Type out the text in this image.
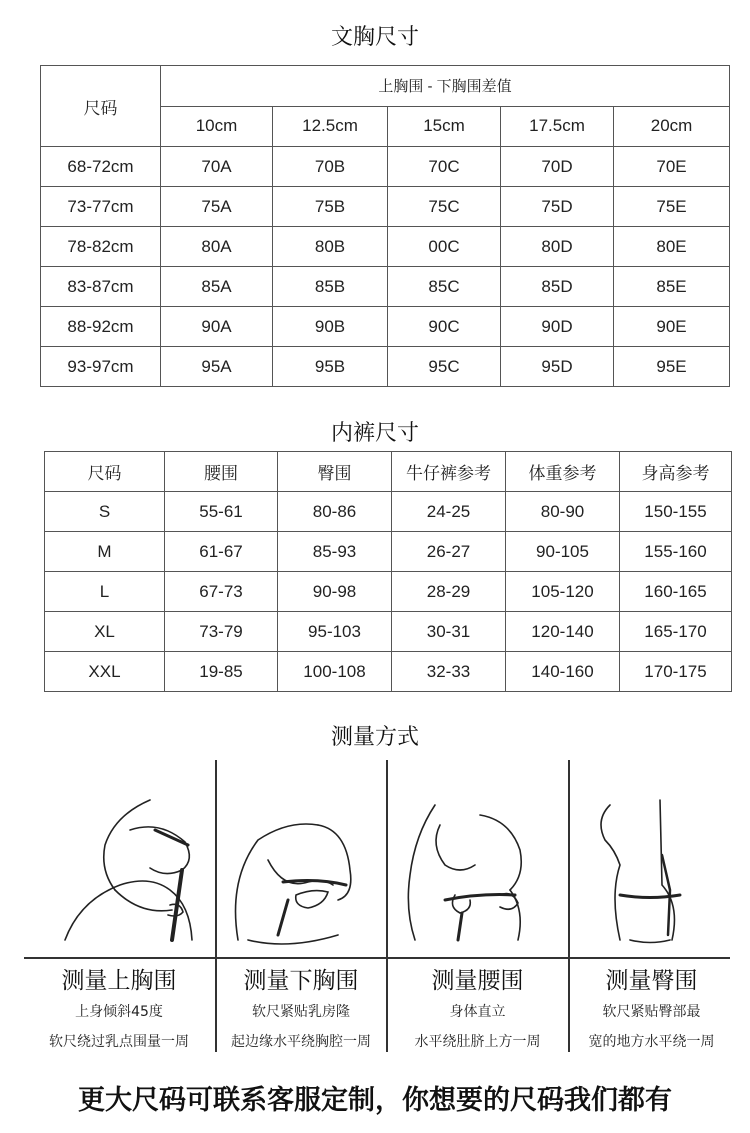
文胸尺寸
尺码	上胸围 - 下胸围差值				
	10cm	12.5cm	15cm	17.5cm	20cm
68-72cm	70A	70B	70C	70D	70E
73-77cm	75A	75B	75C	75D	75E
78-82cm	80A	80B	00C	80D	80E
83-87cm	85A	85B	85C	85D	85E
88-92cm	90A	90B	90C	90D	90E
93-97cm	95A	95B	95C	95D	95E
内裤尺寸
尺码	腰围	臀围	牛仔裤参考	体重参考	身高参考
S	55-61	80-86	24-25	80-90	150-155
M	61-67	85-93	26-27	90-105	155-160
L	67-73	90-98	28-29	105-120	160-165
XL	73-79	95-103	30-31	120-140	165-170
XXL	19-85	100-108	32-33	140-160	170-175
测量方式
测量上胸围
上身倾斜45度
软尺绕过乳点围量一周
测量下胸围
软尺紧贴乳房隆
起边缘水平绕胸腔一周
测量腰围
身体直立
水平绕肚脐上方一周
测量臀围
软尺紧贴臀部最
宽的地方水平绕一周
更大尺码可联系客服定制，你想要的尺码我们都有
